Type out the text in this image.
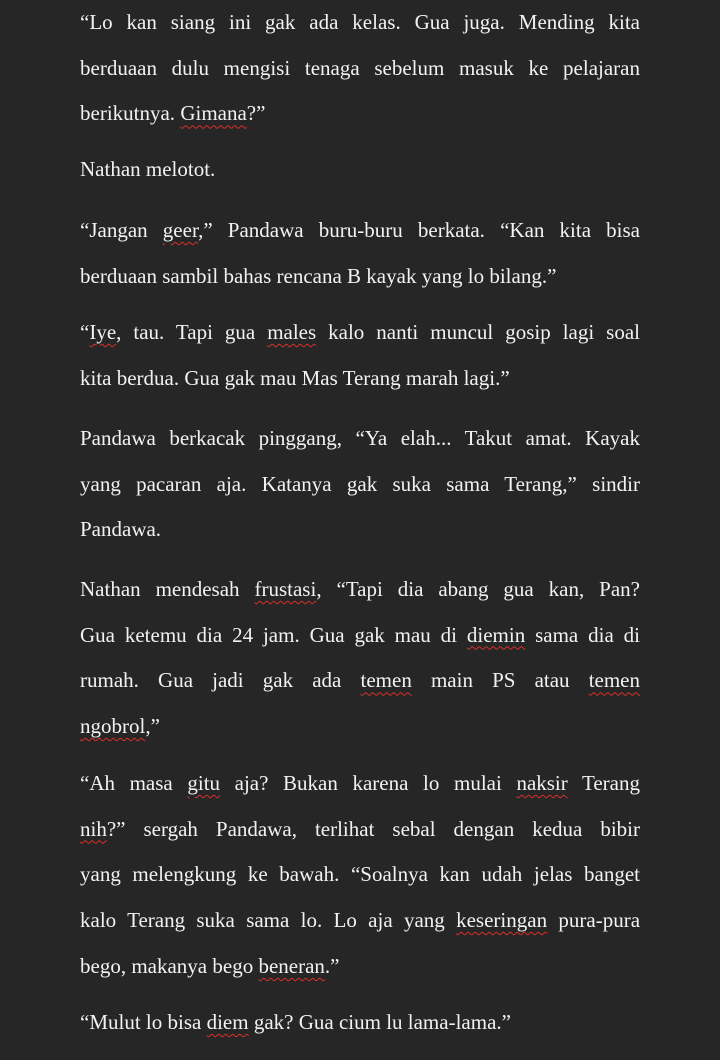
“Lo kan siang ini gak ada kelas. Gua juga. Mending kita
berduaan dulu mengisi tenaga sebelum masuk ke pelajaran
berikutnya. Gimana?”
Nathan melotot.
“Jangan geer,” Pandawa buru-buru berkata. “Kan kita bisa
berduaan sambil bahas rencana B kayak yang lo bilang.”
“Iye, tau. Tapi gua males kalo nanti muncul gosip lagi soal
kita berdua. Gua gak mau Mas Terang marah lagi.”
Pandawa berkacak pinggang, “Ya elah... Takut amat. Kayak
yang pacaran aja. Katanya gak suka sama Terang,” sindir
Pandawa.
Nathan mendesah frustasi, “Tapi dia abang gua kan, Pan?
Gua ketemu dia 24 jam. Gua gak mau di diemin sama dia di
rumah. Gua jadi gak ada temen main PS atau temen
ngobrol,”
“Ah masa gitu aja? Bukan karena lo mulai naksir Terang
nih?” sergah Pandawa, terlihat sebal dengan kedua bibir
yang melengkung ke bawah. “Soalnya kan udah jelas banget
kalo Terang suka sama lo. Lo aja yang keseringan pura-pura
bego, makanya bego beneran.”
“Mulut lo bisa diem gak? Gua cium lu lama-lama.”
